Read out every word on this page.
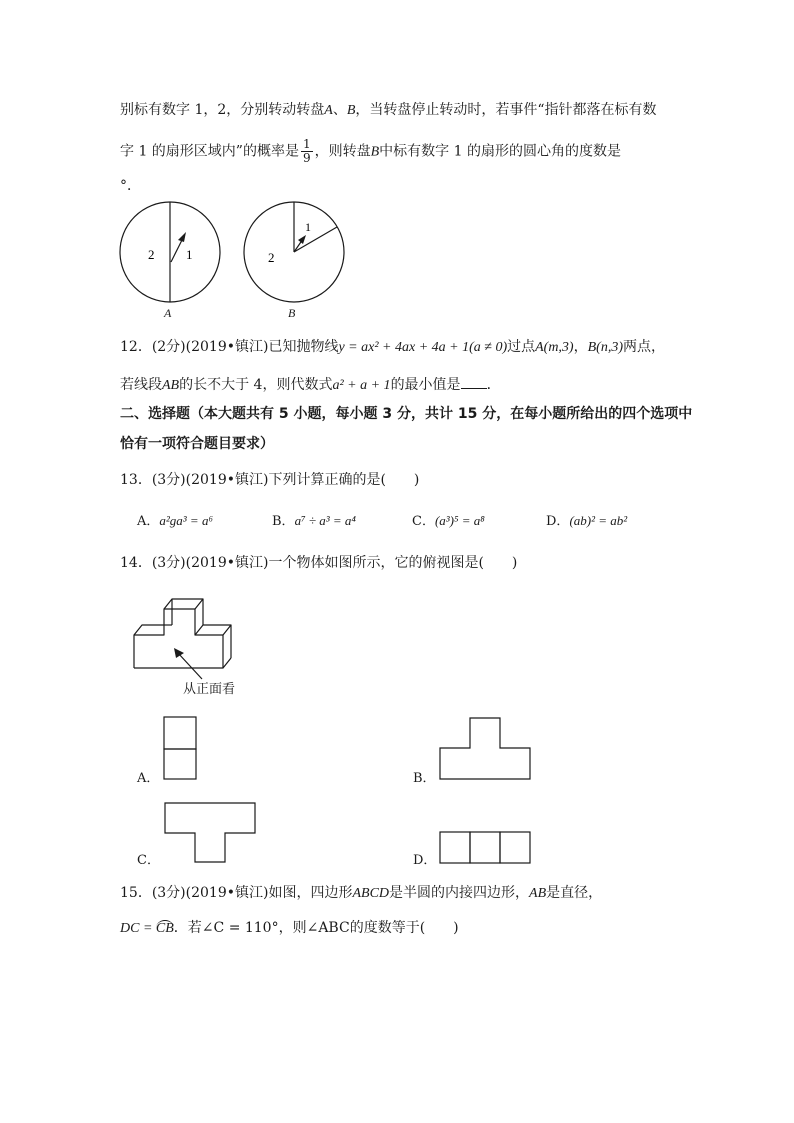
别标有数字 1，2，分别转动转盘A、B，当转盘停止转动时，若事件“指针都落在标有数
字 1 的扇形区域内”的概率是 $\frac{1}{9}$ ，则转盘B中标有数字 1 的扇形的圆心角的度数是
°．
2 1
1
2
A	B
12．(2分)(2019•镇江)已知抛物线y = ax² + 4ax + 4a + 1(a ≠ 0)过点A(m,3)，B(n,3)两点，
若线段AB的长不大于 4，则代数式a² + a + 1的最小值是 ．
二、选择题（本大题共有 5 小题，每小题 3 分，共计 15 分，在每小题所给出的四个选项中
恰有一项符合题目要求）
13．(3分)(2019•镇江)下列计算正确的是(　　)
A．a²ga³ = a⁶	B．a⁷ ÷ a³ = a⁴	C．(a³)⁵ = a⁸	D．(ab)² = ab²
14．(3分)(2019•镇江)一个物体如图所示，它的俯视图是(　　)
从正面看
A．	B．
C．	D．
15．(3分)(2019•镇江)如图，四边形ABCD是半圆的内接四边形，AB是直径，
DC = CB．若∠C = 110°，则∠ABC的度数等于(　　)
